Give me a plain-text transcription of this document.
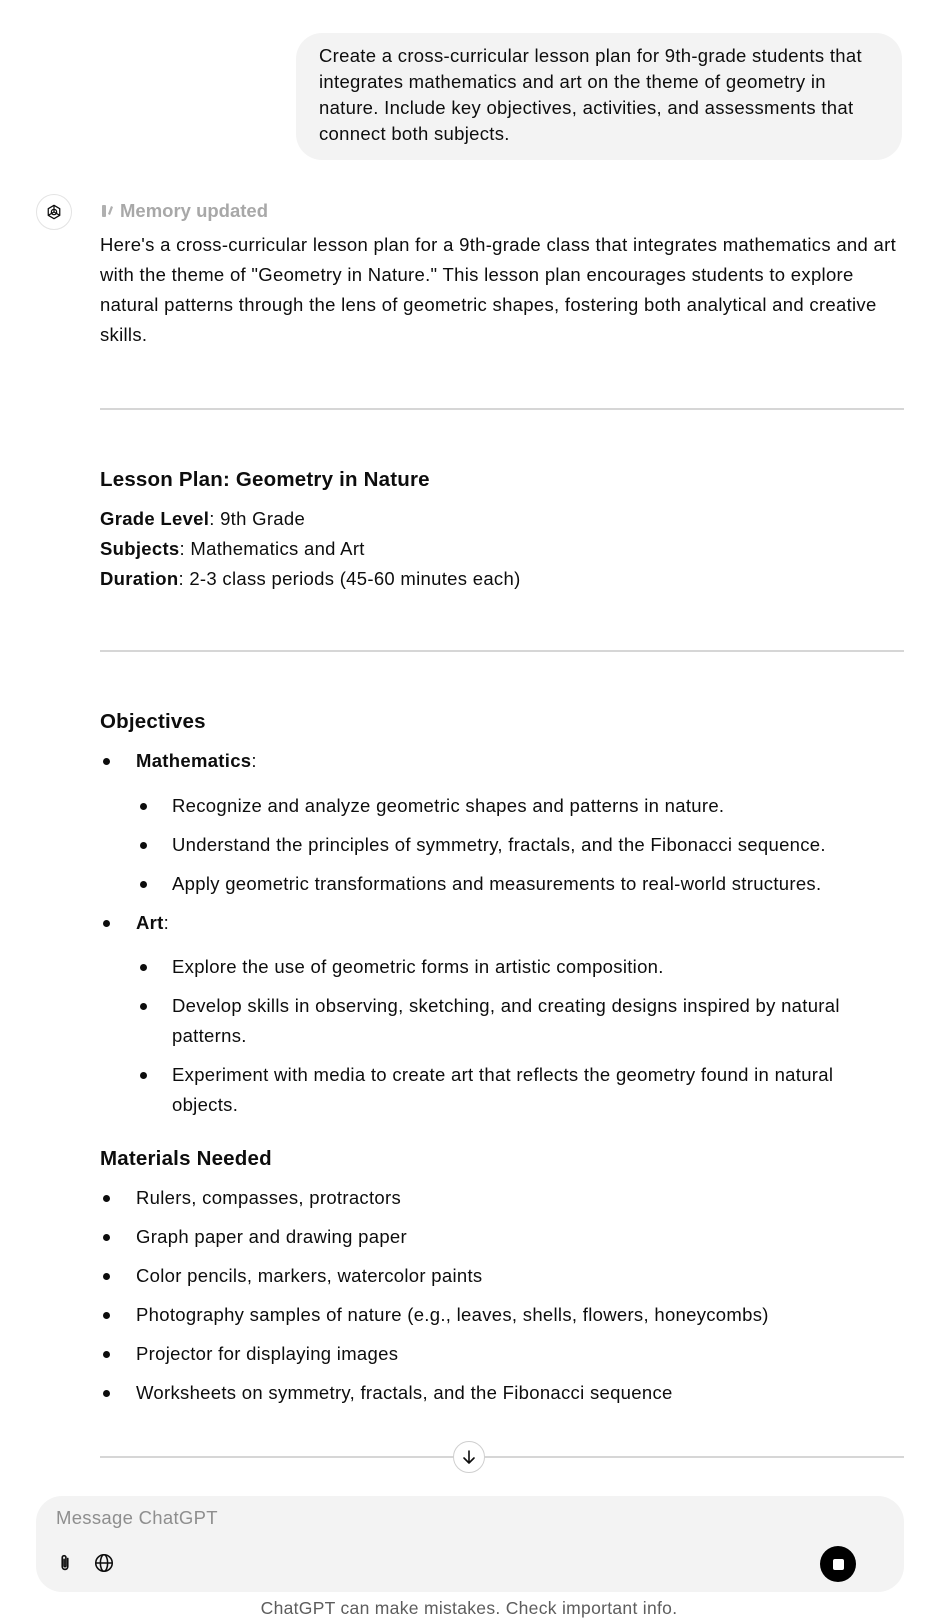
Create a cross-curricular lesson plan for 9th-grade students that integrates mathematics and art on the theme of geometry in nature. Include key objectives, activities, and assessments that connect both subjects.
Memory updated

Here's a cross-curricular lesson plan for a 9th-grade class that integrates mathematics and art with the theme of "Geometry in Nature." This lesson plan encourages students to explore natural patterns through the lens of geometric shapes, fostering both analytical and creative skills.

Lesson Plan: Geometry in Nature
Grade Level: 9th Grade
Subjects: Mathematics and Art
Duration: 2-3 class periods (45-60 minutes each)
Objectives
Mathematics:
Recognize and analyze geometric shapes and patterns in nature.
Understand the principles of symmetry, fractals, and the Fibonacci sequence.
Apply geometric transformations and measurements to real-world structures.
Art:
Explore the use of geometric forms in artistic composition.
Develop skills in observing, sketching, and creating designs inspired by natural patterns.
Experiment with media to create art that reflects the geometry found in natural objects.
Materials Needed
Rulers, compasses, protractors
Graph paper and drawing paper
Color pencils, markers, watercolor paints
Photography samples of nature (e.g., leaves, shells, flowers, honeycombs)
Projector for displaying images
Worksheets on symmetry, fractals, and the Fibonacci sequence
Message ChatGPT
ChatGPT can make mistakes. Check important info.
